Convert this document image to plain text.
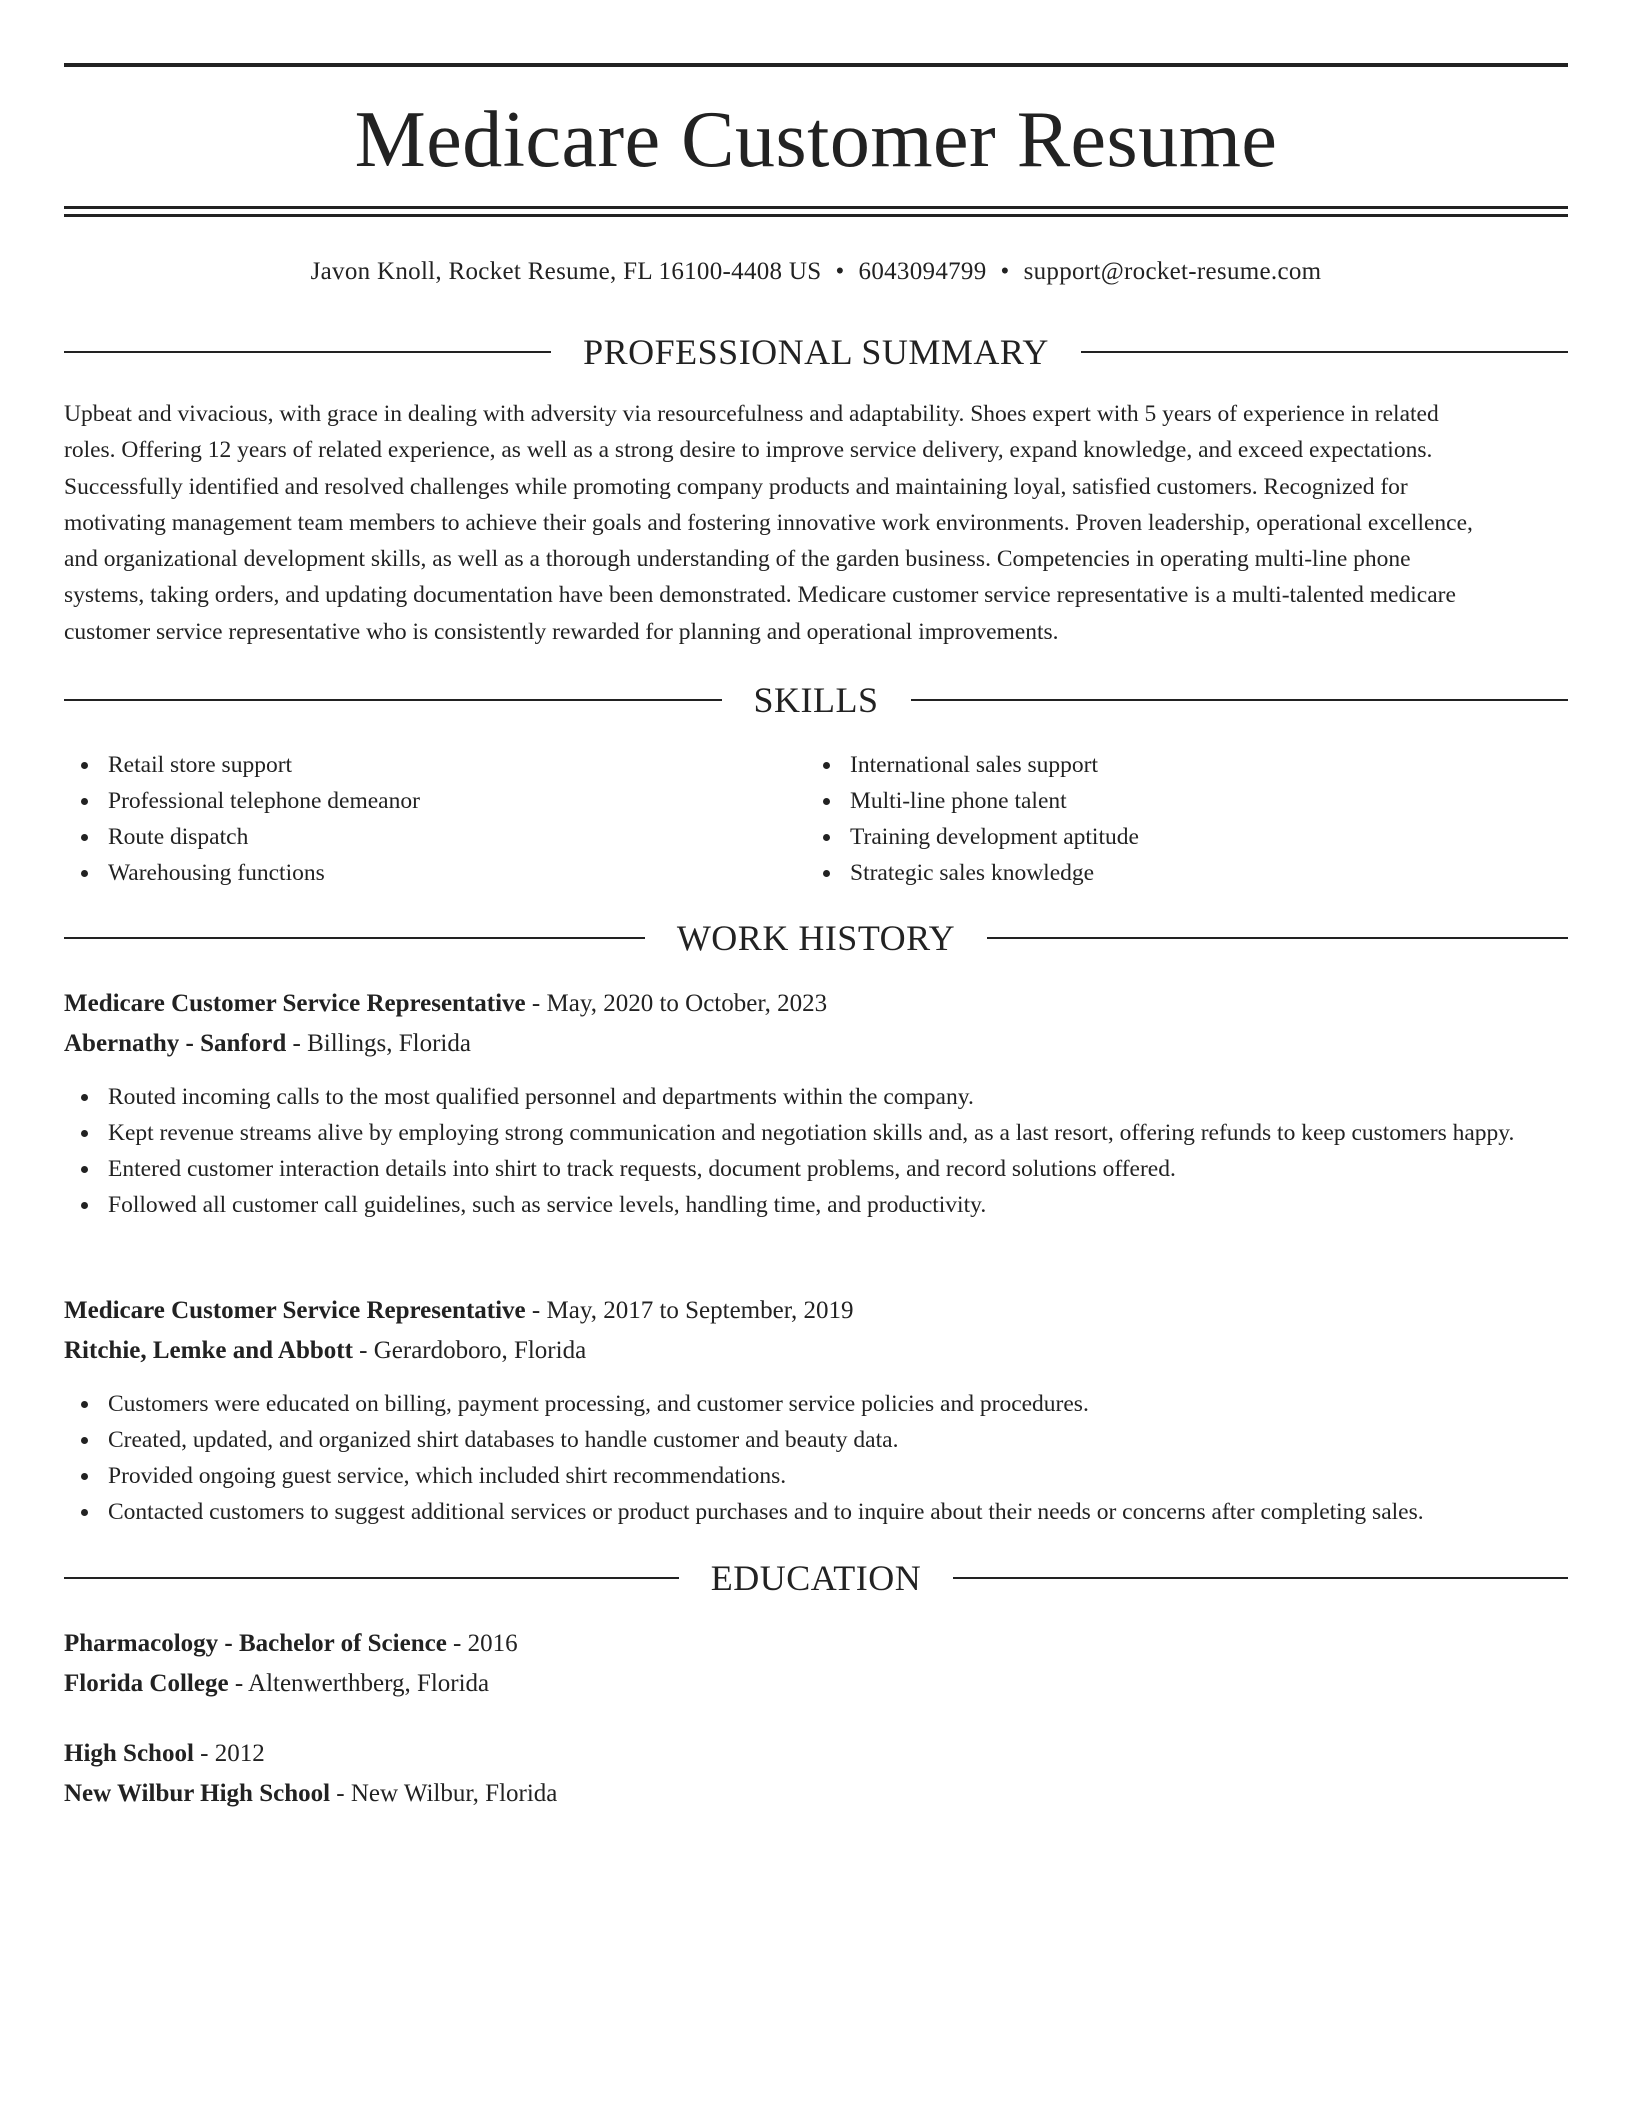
Medicare Customer Resume
Javon Knoll, Rocket Resume, FL 16100-4408 US • 6043094799 • support@rocket-resume.com
PROFESSIONAL SUMMARY
Upbeat and vivacious, with grace in dealing with adversity via resourcefulness and adaptability. Shoes expert with 5 years of experience in related
roles. Offering 12 years of related experience, as well as a strong desire to improve service delivery, expand knowledge, and exceed expectations.
Successfully identified and resolved challenges while promoting company products and maintaining loyal, satisfied customers. Recognized for
motivating management team members to achieve their goals and fostering innovative work environments. Proven leadership, operational excellence,
and organizational development skills, as well as a thorough understanding of the garden business. Competencies in operating multi-line phone
systems, taking orders, and updating documentation have been demonstrated. Medicare customer service representative is a multi-talented medicare
customer service representative who is consistently rewarded for planning and operational improvements.
SKILLS
Retail store support
Professional telephone demeanor
Route dispatch
Warehousing functions
International sales support
Multi-line phone talent
Training development aptitude
Strategic sales knowledge
WORK HISTORY
Medicare Customer Service Representative - May, 2020 to October, 2023
Abernathy - Sanford - Billings, Florida
Routed incoming calls to the most qualified personnel and departments within the company.
Kept revenue streams alive by employing strong communication and negotiation skills and, as a last resort, offering refunds to keep customers happy.
Entered customer interaction details into shirt to track requests, document problems, and record solutions offered.
Followed all customer call guidelines, such as service levels, handling time, and productivity.
Medicare Customer Service Representative - May, 2017 to September, 2019
Ritchie, Lemke and Abbott - Gerardoboro, Florida
Customers were educated on billing, payment processing, and customer service policies and procedures.
Created, updated, and organized shirt databases to handle customer and beauty data.
Provided ongoing guest service, which included shirt recommendations.
Contacted customers to suggest additional services or product purchases and to inquire about their needs or concerns after completing sales.
EDUCATION
Pharmacology - Bachelor of Science - 2016
Florida College - Altenwerthberg, Florida
High School - 2012
New Wilbur High School - New Wilbur, Florida
